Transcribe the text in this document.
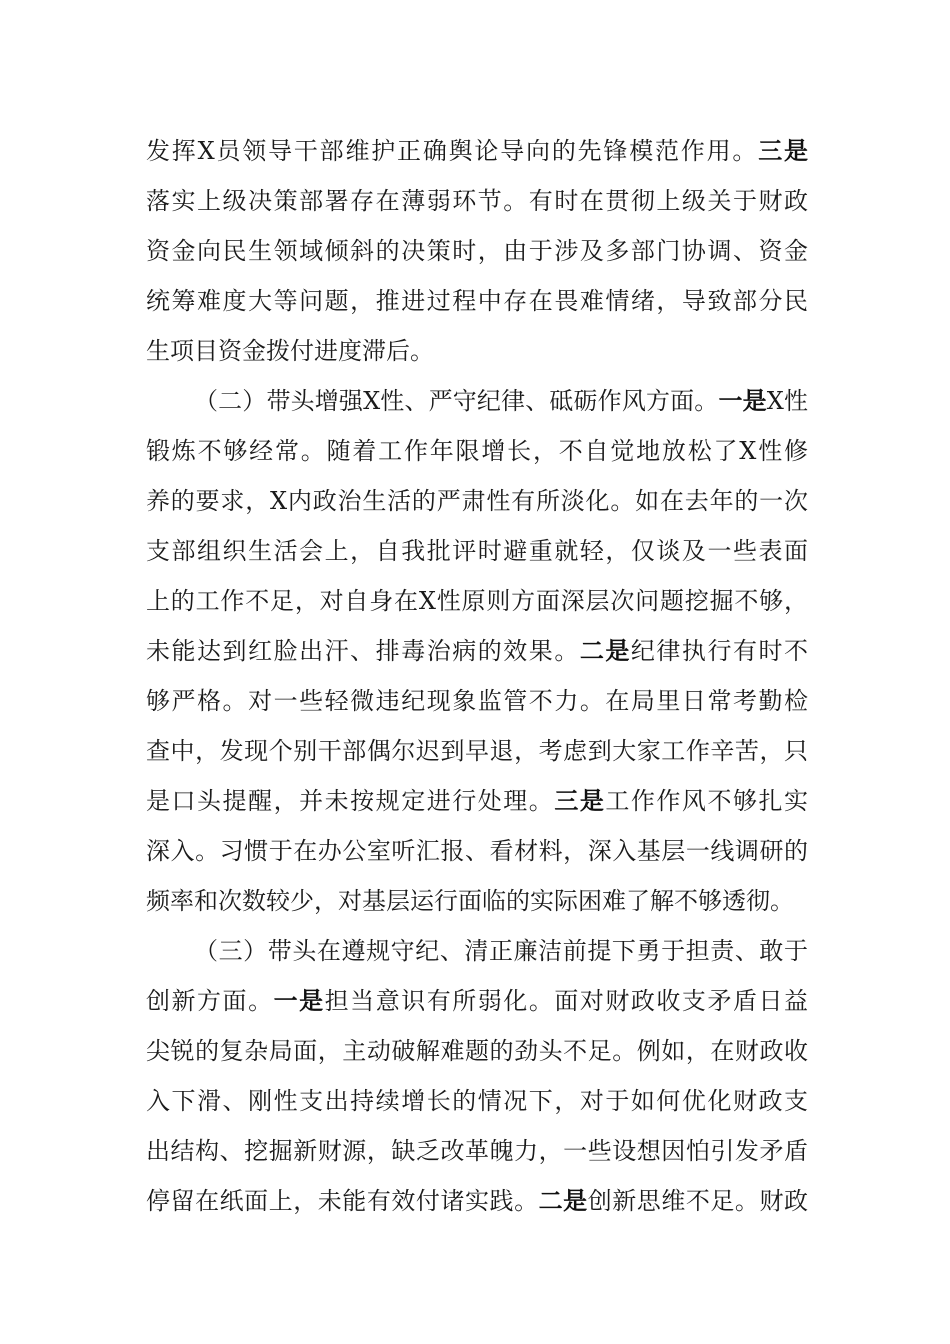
发挥X员领导干部维护正确舆论导向的先锋模范作用。三是
落实上级决策部署存在薄弱环节。有时在贯彻上级关于财政
资金向民生领域倾斜的决策时，由于涉及多部门协调、资金
统筹难度大等问题，推进过程中存在畏难情绪，导致部分民
生项目资金拨付进度滞后。
（二）带头增强X性、严守纪律、砥砺作风方面。一是X性
锻炼不够经常。随着工作年限增长，不自觉地放松了X性修
养的要求，X内政治生活的严肃性有所淡化。如在去年的一次
支部组织生活会上，自我批评时避重就轻，仅谈及一些表面
上的工作不足，对自身在X性原则方面深层次问题挖掘不够，
未能达到红脸出汗、排毒治病的效果。二是纪律执行有时不
够严格。对一些轻微违纪现象监管不力。在局里日常考勤检
查中，发现个别干部偶尔迟到早退，考虑到大家工作辛苦，只
是口头提醒，并未按规定进行处理。三是工作作风不够扎实
深入。习惯于在办公室听汇报、看材料，深入基层一线调研的
频率和次数较少，对基层运行面临的实际困难了解不够透彻。
（三）带头在遵规守纪、清正廉洁前提下勇于担责、敢于
创新方面。一是担当意识有所弱化。面对财政收支矛盾日益
尖锐的复杂局面，主动破解难题的劲头不足。例如，在财政收
入下滑、刚性支出持续增长的情况下，对于如何优化财政支
出结构、挖掘新财源，缺乏改革魄力，一些设想因怕引发矛盾
停留在纸面上，未能有效付诸实践。二是创新思维不足。财政
